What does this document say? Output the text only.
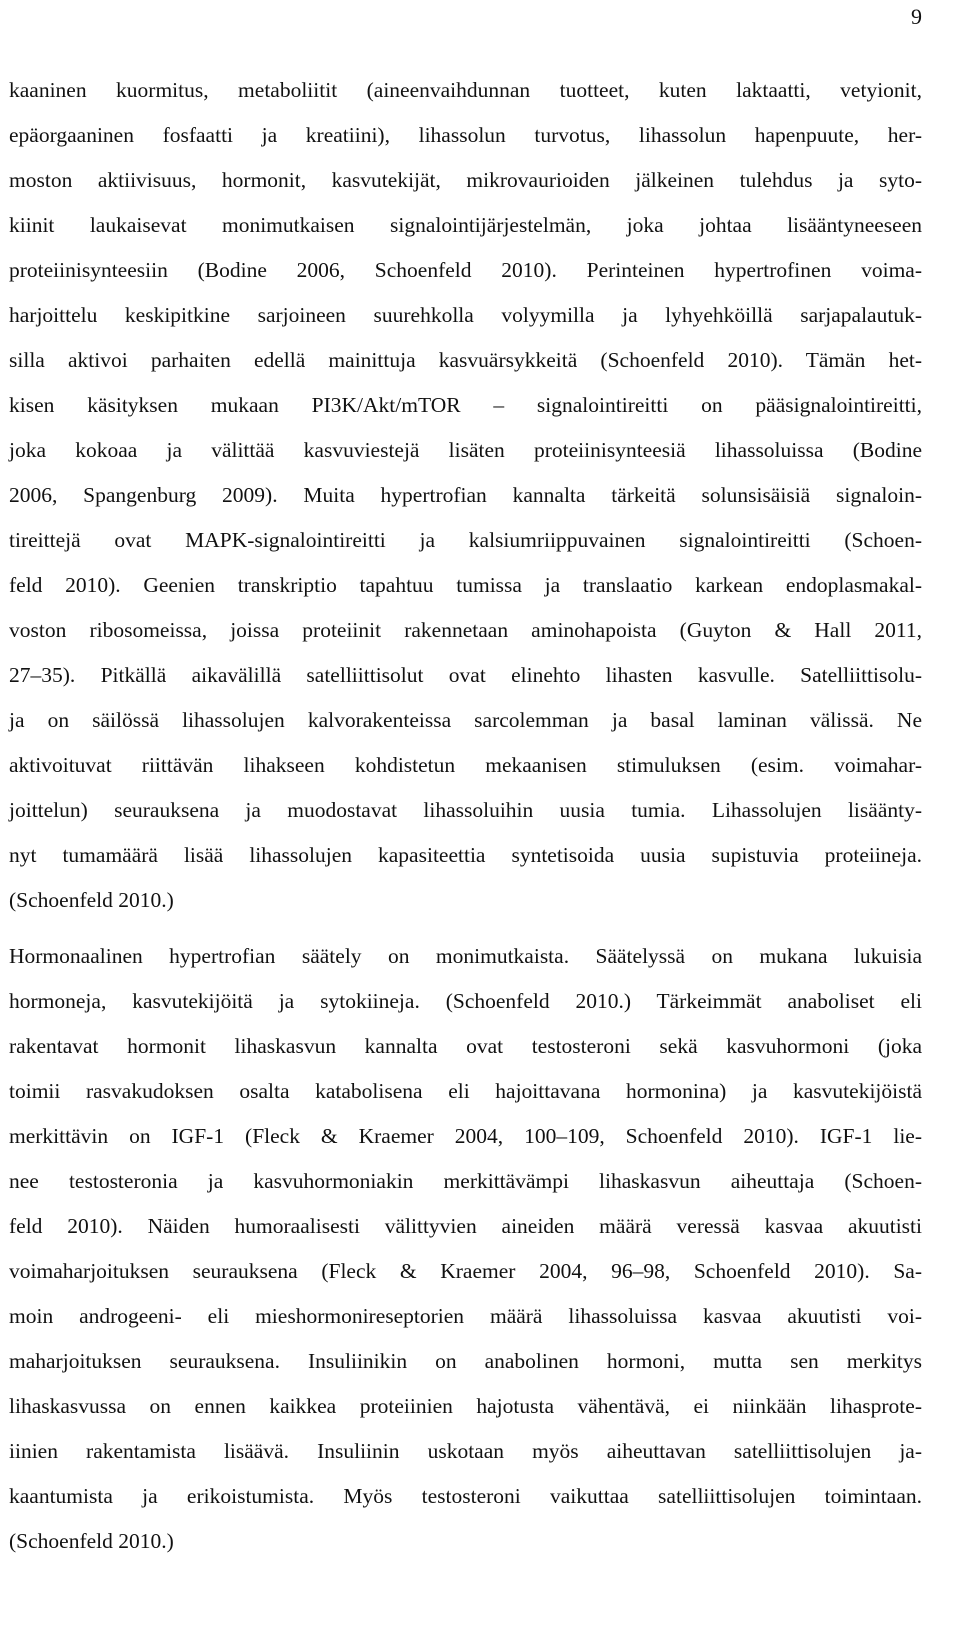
9
kaaninen kuormitus, metaboliitit (aineenvaihdunnan tuotteet, kuten laktaatti, vetyionit,
epäorgaaninen fosfaatti ja kreatiini), lihassolun turvotus, lihassolun hapenpuute, her-
moston aktiivisuus, hormonit, kasvutekijät, mikrovaurioiden jälkeinen tulehdus ja syto-
kiinit laukaisevat monimutkaisen signalointijärjestelmän, joka johtaa lisääntyneeseen
proteiinisynteesiin (Bodine 2006, Schoenfeld 2010). Perinteinen hypertrofinen voima-
harjoittelu keskipitkine sarjoineen suurehkolla volyymilla ja lyhyehköillä sarjapalautuk-
silla aktivoi parhaiten edellä mainittuja kasvuärsykkeitä (Schoenfeld 2010). Tämän het-
kisen käsityksen mukaan PI3K/Akt/mTOR – signalointireitti on pääsignalointireitti,
joka kokoaa ja välittää kasvuviestejä lisäten proteiinisynteesiä lihassoluissa (Bodine
2006, Spangenburg 2009). Muita hypertrofian kannalta tärkeitä solunsisäisiä signaloin-
tireittejä ovat MAPK-signalointireitti ja kalsiumriippuvainen signalointireitti (Schoen-
feld 2010). Geenien transkriptio tapahtuu tumissa ja translaatio karkean endoplasmakal-
voston ribosomeissa, joissa proteiinit rakennetaan aminohapoista (Guyton & Hall 2011,
27–35). Pitkällä aikavälillä satelliittisolut ovat elinehto lihasten kasvulle. Satelliittisolu-
ja on säilössä lihassolujen kalvorakenteissa sarcolemman ja basal laminan välissä. Ne
aktivoituvat riittävän lihakseen kohdistetun mekaanisen stimuluksen (esim. voimahar-
joittelun) seurauksena ja muodostavat lihassoluihin uusia tumia. Lihassolujen lisäänty-
nyt tumamäärä lisää lihassolujen kapasiteettia syntetisoida uusia supistuvia proteiineja.
(Schoenfeld 2010.)
Hormonaalinen hypertrofian säätely on monimutkaista. Säätelyssä on mukana lukuisia
hormoneja, kasvutekijöitä ja sytokiineja. (Schoenfeld 2010.) Tärkeimmät anaboliset eli
rakentavat hormonit lihaskasvun kannalta ovat testosteroni sekä kasvuhormoni (joka
toimii rasvakudoksen osalta katabolisena eli hajoittavana hormonina) ja kasvutekijöistä
merkittävin on IGF-1 (Fleck & Kraemer 2004, 100–109, Schoenfeld 2010). IGF-1 lie-
nee testosteronia ja kasvuhormoniakin merkittävämpi lihaskasvun aiheuttaja (Schoen-
feld 2010). Näiden humoraalisesti välittyvien aineiden määrä veressä kasvaa akuutisti
voimaharjoituksen seurauksena (Fleck & Kraemer 2004, 96–98, Schoenfeld 2010). Sa-
moin androgeeni- eli mieshormonireseptorien määrä lihassoluissa kasvaa akuutisti voi-
maharjoituksen seurauksena. Insuliinikin on anabolinen hormoni, mutta sen merkitys
lihaskasvussa on ennen kaikkea proteiinien hajotusta vähentävä, ei niinkään lihasprote-
iinien rakentamista lisäävä. Insuliinin uskotaan myös aiheuttavan satelliittisolujen ja-
kaantumista ja erikoistumista. Myös testosteroni vaikuttaa satelliittisolujen toimintaan.
(Schoenfeld 2010.)
